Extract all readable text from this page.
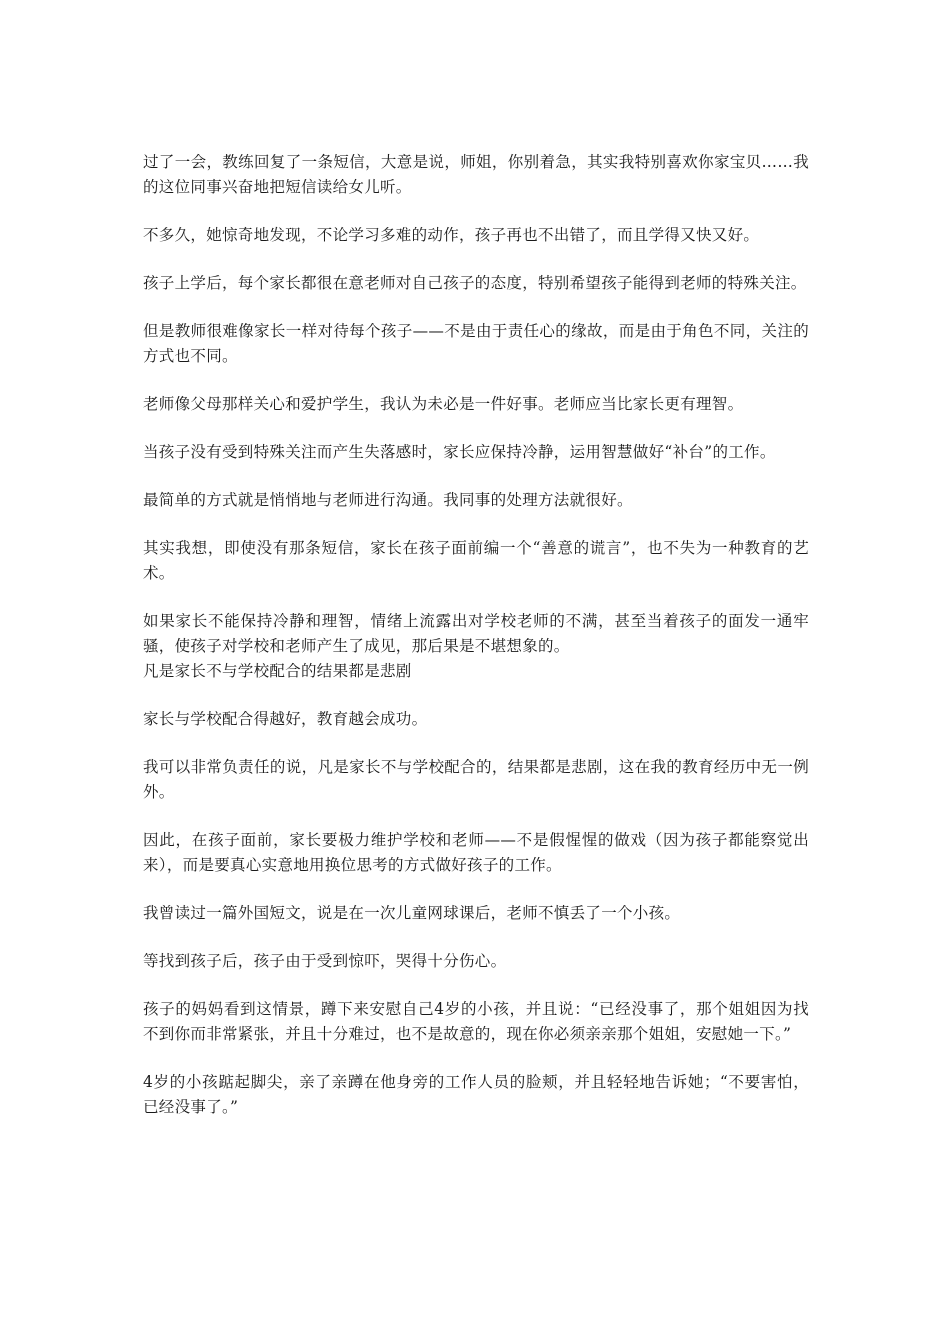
过了一会，教练回复了一条短信，大意是说，师姐，你别着急，其实我特别喜欢你家宝贝……我的这位同事兴奋地把短信读给女儿听。

不多久，她惊奇地发现，不论学习多难的动作，孩子再也不出错了，而且学得又快又好。

孩子上学后，每个家长都很在意老师对自己孩子的态度，特别希望孩子能得到老师的特殊关注。

但是教师很难像家长一样对待每个孩子——不是由于责任心的缘故，而是由于角色不同，关注的方式也不同。

老师像父母那样关心和爱护学生，我认为未必是一件好事。老师应当比家长更有理智。

当孩子没有受到特殊关注而产生失落感时，家长应保持冷静，运用智慧做好“补台”的工作。

最简单的方式就是悄悄地与老师进行沟通。我同事的处理方法就很好。

其实我想，即使没有那条短信，家长在孩子面前编一个“善意的谎言”，也不失为一种教育的艺术。

如果家长不能保持冷静和理智，情绪上流露出对学校老师的不满，甚至当着孩子的面发一通牢骚，使孩子对学校和老师产生了成见，那后果是不堪想象的。

凡是家长不与学校配合的结果都是悲剧

家长与学校配合得越好，教育越会成功。

我可以非常负责任的说，凡是家长不与学校配合的，结果都是悲剧，这在我的教育经历中无一例外。

因此，在孩子面前，家长要极力维护学校和老师——不是假惺惺的做戏（因为孩子都能察觉出来），而是要真心实意地用换位思考的方式做好孩子的工作。

我曾读过一篇外国短文，说是在一次儿童网球课后，老师不慎丢了一个小孩。

等找到孩子后，孩子由于受到惊吓，哭得十分伤心。

孩子的妈妈看到这情景，蹲下来安慰自己4岁的小孩，并且说：“已经没事了，那个姐姐因为找不到你而非常紧张，并且十分难过，也不是故意的，现在你必须亲亲那个姐姐，安慰她一下。”

4岁的小孩踮起脚尖，亲了亲蹲在他身旁的工作人员的脸颊，并且轻轻地告诉她；“不要害怕，已经没事了。”
